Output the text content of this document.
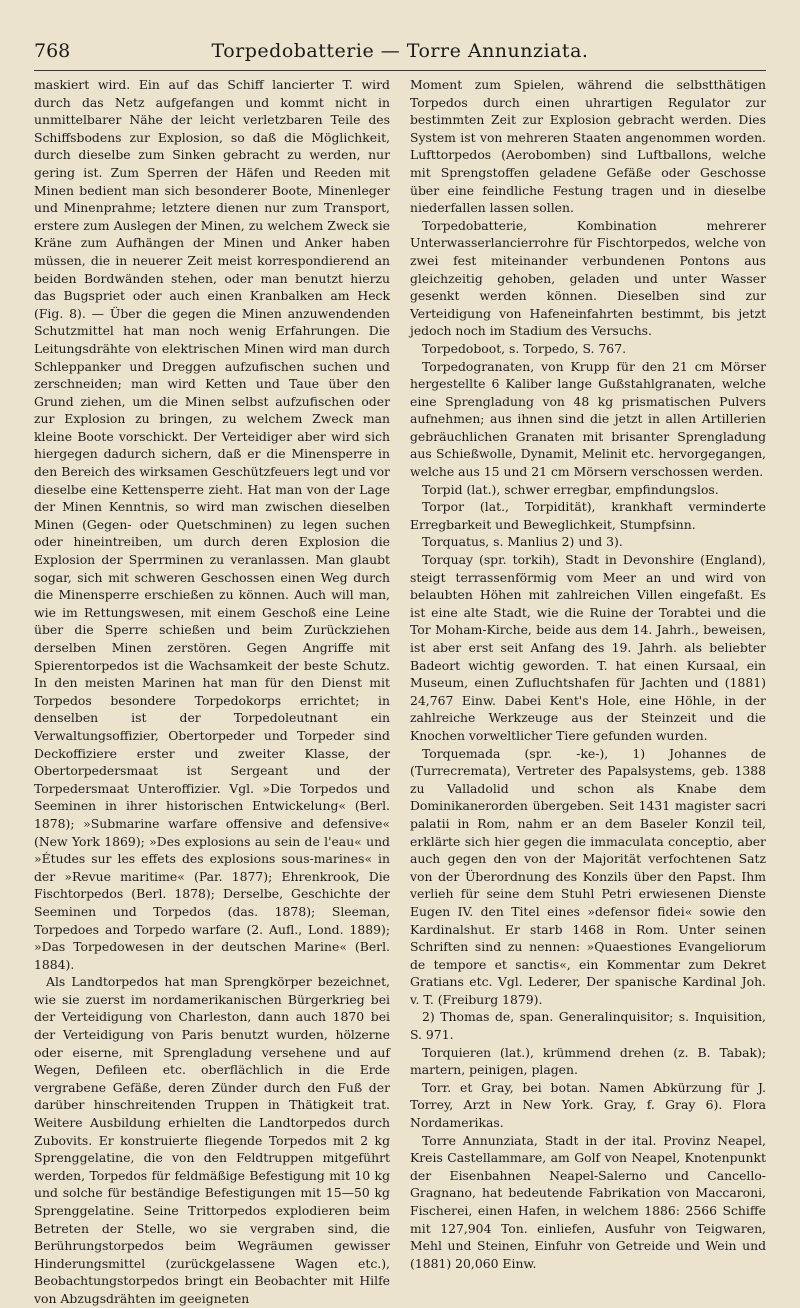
768	Torpedobatterie — Torre Annunziata.

maskiert wird. Ein auf das Schiff lancierter T. wird durch das Netz aufgefangen und kommt nicht in unmittelbarer Nähe der leicht verletzbaren Teile des Schiffsbodens zur Explosion, so daß die Möglichkeit, durch dieselbe zum Sinken gebracht zu werden, nur gering ist. Zum Sperren der Häfen und Reeden mit Minen bedient man sich besonderer Boote, Minenleger und Minenprahme; letztere dienen nur zum Transport, erstere zum Auslegen der Minen, zu welchem Zweck sie Kräne zum Aufhängen der Minen und Anker haben müssen, die in neuerer Zeit meist korrespondierend an beiden Bordwänden stehen, oder man benutzt hierzu das Bugspriet oder auch einen Kranbalken am Heck (Fig. 8). — Über die gegen die Minen anzuwendenden Schutzmittel hat man noch wenig Erfahrungen. Die Leitungsdrähte von elektrischen Minen wird man durch Schleppanker und Dreggen aufzufischen suchen und zerschneiden; man wird Ketten und Taue über den Grund ziehen, um die Minen selbst aufzufischen oder zur Explosion zu bringen, zu welchem Zweck man kleine Boote vorschickt. Der Verteidiger aber wird sich hiergegen dadurch sichern, daß er die Minensperre in den Bereich des wirksamen Geschützfeuers legt und vor dieselbe eine Kettensperre zieht. Hat man von der Lage der Minen Kenntnis, so wird man zwischen dieselben Minen (Gegen- oder Quetschminen) zu legen suchen oder hineintreiben, um durch deren Explosion die Explosion der Sperrminen zu veranlassen. Man glaubt sogar, sich mit schweren Geschossen einen Weg durch die Minensperre erschießen zu können. Auch will man, wie im Rettungswesen, mit einem Geschoß eine Leine über die Sperre schießen und beim Zurückziehen derselben Minen zerstören. Gegen Angriffe mit Spierentorpedos ist die Wachsamkeit der beste Schutz. In den meisten Marinen hat man für den Dienst mit Torpedos besondere Torpedokorps errichtet; in denselben ist der Torpedoleutnant ein Verwaltungsoffizier, Obertorpeder und Torpeder sind Deckoffiziere erster und zweiter Klasse, der Obertorpedersmaat ist Sergeant und der Torpedersmaat Unteroffizier. Vgl. »Die Torpedos und Seeminen in ihrer historischen Entwickelung« (Berl. 1878); »Submarine warfare offensive and defensive« (New York 1869); »Des explosions au sein de l'eau« und »Études sur les effets des explosions sous-marines« in der »Revue maritime« (Par. 1877); Ehrenkrook, Die Fischtorpedos (Berl. 1878); Derselbe, Geschichte der Seeminen und Torpedos (das. 1878); Sleeman, Torpedoes and Torpedo warfare (2. Aufl., Lond. 1889); »Das Torpedowesen in der deutschen Marine« (Berl. 1884).

Als Landtorpedos hat man Sprengkörper bezeichnet, wie sie zuerst im nordamerikanischen Bürgerkrieg bei der Verteidigung von Charleston, dann auch 1870 bei der Verteidigung von Paris benutzt wurden, hölzerne oder eiserne, mit Sprengladung versehene und auf Wegen, Defileen etc. oberflächlich in die Erde vergrabene Gefäße, deren Zünder durch den Fuß der darüber hinschreitenden Truppen in Thätigkeit trat. Weitere Ausbildung erhielten die Landtorpedos durch Zubovits. Er konstruierte fliegende Torpedos mit 2 kg Sprenggelatine, die von den Feldtruppen mitgeführt werden, Torpedos für feldmäßige Befestigung mit 10 kg und solche für beständige Befestigungen mit 15—50 kg Sprenggelatine. Seine Trittorpedos explodieren beim Betreten der Stelle, wo sie vergraben sind, die Berührungstorpedos beim Wegräumen gewisser Hinderungsmittel (zurückgelassene Wagen etc.), Beobachtungstorpedos bringt ein Beobachter mit Hilfe von Abzugsdrähten im geeigneten

Moment zum Spielen, während die selbstthätigen Torpedos durch einen uhrartigen Regulator zur bestimmten Zeit zur Explosion gebracht werden. Dies System ist von mehreren Staaten angenommen worden. Lufttorpedos (Aerobomben) sind Luftballons, welche mit Sprengstoffen geladene Gefäße oder Geschosse über eine feindliche Festung tragen und in dieselbe niederfallen lassen sollen.

Torpedobatterie, Kombination mehrerer Unterwasserlancierrohre für Fischtorpedos, welche von zwei fest miteinander verbundenen Pontons aus gleichzeitig gehoben, geladen und unter Wasser gesenkt werden können. Dieselben sind zur Verteidigung von Hafeneinfahrten bestimmt, bis jetzt jedoch noch im Stadium des Versuchs.

Torpedoboot, s. Torpedo, S. 767.

Torpedogranaten, von Krupp für den 21 cm Mörser hergestellte 6 Kaliber lange Gußstahlgranaten, welche eine Sprengladung von 48 kg prismatischen Pulvers aufnehmen; aus ihnen sind die jetzt in allen Artillerien gebräuchlichen Granaten mit brisanter Sprengladung aus Schießwolle, Dynamit, Melinit etc. hervorgegangen, welche aus 15 und 21 cm Mörsern verschossen werden.

Torpid (lat.), schwer erregbar, empfindungslos.

Torpor (lat., Torpidität), krankhaft verminderte Erregbarkeit und Beweglichkeit, Stumpfsinn.

Torquatus, s. Manlius 2) und 3).

Torquay (spr. torkih), Stadt in Devonshire (England), steigt terrassenförmig vom Meer an und wird von belaubten Höhen mit zahlreichen Villen eingefaßt. Es ist eine alte Stadt, wie die Ruine der Torabtei und die Tor Moham-Kirche, beide aus dem 14. Jahrh., beweisen, ist aber erst seit Anfang des 19. Jahrh. als beliebter Badeort wichtig geworden. T. hat einen Kursaal, ein Museum, einen Zufluchtshafen für Jachten und (1881) 24,767 Einw. Dabei Kent's Hole, eine Höhle, in der zahlreiche Werkzeuge aus der Steinzeit und die Knochen vorweltlicher Tiere gefunden wurden.

Torquemada (spr. -ke-), 1) Johannes de (Turrecremata), Vertreter des Papalsystems, geb. 1388 zu Valladolid und schon als Knabe dem Dominikanerorden übergeben. Seit 1431 magister sacri palatii in Rom, nahm er an dem Baseler Konzil teil, erklärte sich hier gegen die immaculata conceptio, aber auch gegen den von der Majorität verfochtenen Satz von der Überordnung des Konzils über den Papst. Ihm verlieh für seine dem Stuhl Petri erwiesenen Dienste Eugen IV. den Titel eines »defensor fidei« sowie den Kardinalshut. Er starb 1468 in Rom. Unter seinen Schriften sind zu nennen: »Quaestiones Evangeliorum de tempore et sanctis«, ein Kommentar zum Dekret Gratians etc. Vgl. Lederer, Der spanische Kardinal Joh. v. T. (Freiburg 1879).

2) Thomas de, span. Generalinquisitor; s. Inquisition, S. 971.

Torquieren (lat.), krümmend drehen (z. B. Tabak); martern, peinigen, plagen.

Torr. et Gray, bei botan. Namen Abkürzung für J. Torrey, Arzt in New York. Gray, f. Gray 6). Flora Nordamerikas.

Torre Annunziata, Stadt in der ital. Provinz Neapel, Kreis Castellammare, am Golf von Neapel, Knotenpunkt der Eisenbahnen Neapel-Salerno und Cancello-Gragnano, hat bedeutende Fabrikation von Maccaroni, Fischerei, einen Hafen, in welchem 1886: 2566 Schiffe mit 127,904 Ton. einliefen, Ausfuhr von Teigwaren, Mehl und Steinen, Einfuhr von Getreide und Wein und (1881) 20,060 Einw.
